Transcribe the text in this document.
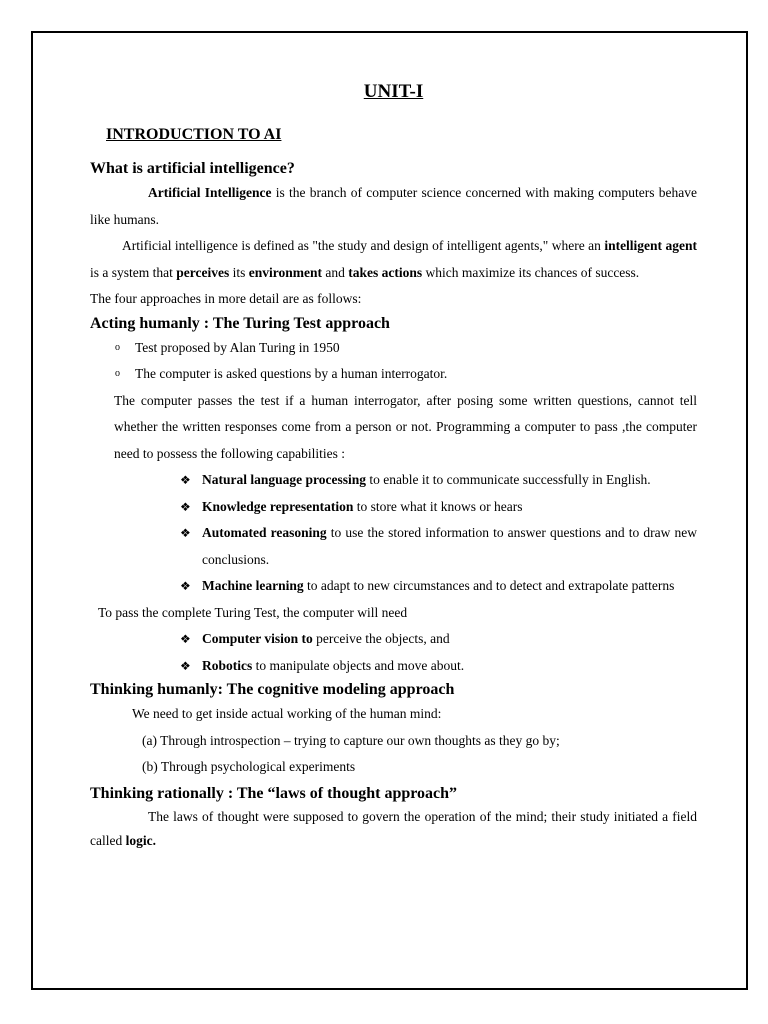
UNIT-I
INTRODUCTION TO AI
What is artificial intelligence?

Artificial Intelligence is the branch of computer science concerned with making computers behave like humans.

Artificial intelligence is defined as "the study and design of intelligent agents," where an intelligent agent is a system that perceives its environment and takes actions which maximize its chances of success.

The four approaches in more detail are as follows:

Acting humanly : The Turing Test approach
o Test proposed by Alan Turing in 1950
o The computer is asked questions by a human interrogator.

The computer passes the test if a human interrogator, after posing some written questions, cannot tell whether the written responses come from a person or not. Programming a computer to pass ,the computer need to possess the following capabilities :

❖ Natural language processing to enable it to communicate successfully in English.
❖ Knowledge representation to store what it knows or hears
❖ Automated reasoning to use the stored information to answer questions and to draw new conclusions.
❖ Machine learning to adapt to new circumstances and to detect and extrapolate patterns

To pass the complete Turing Test, the computer will need

❖ Computer vision to perceive the objects, and
❖ Robotics to manipulate objects and move about.
Thinking humanly: The cognitive modeling approach

We need to get inside actual working of the human mind:

(a) Through introspection – trying to capture our own thoughts as they go by;
(b) Through psychological experiments
Thinking rationally : The “laws of thought approach”

The laws of thought were supposed to govern the operation of the mind; their study initiated a field called logic.
